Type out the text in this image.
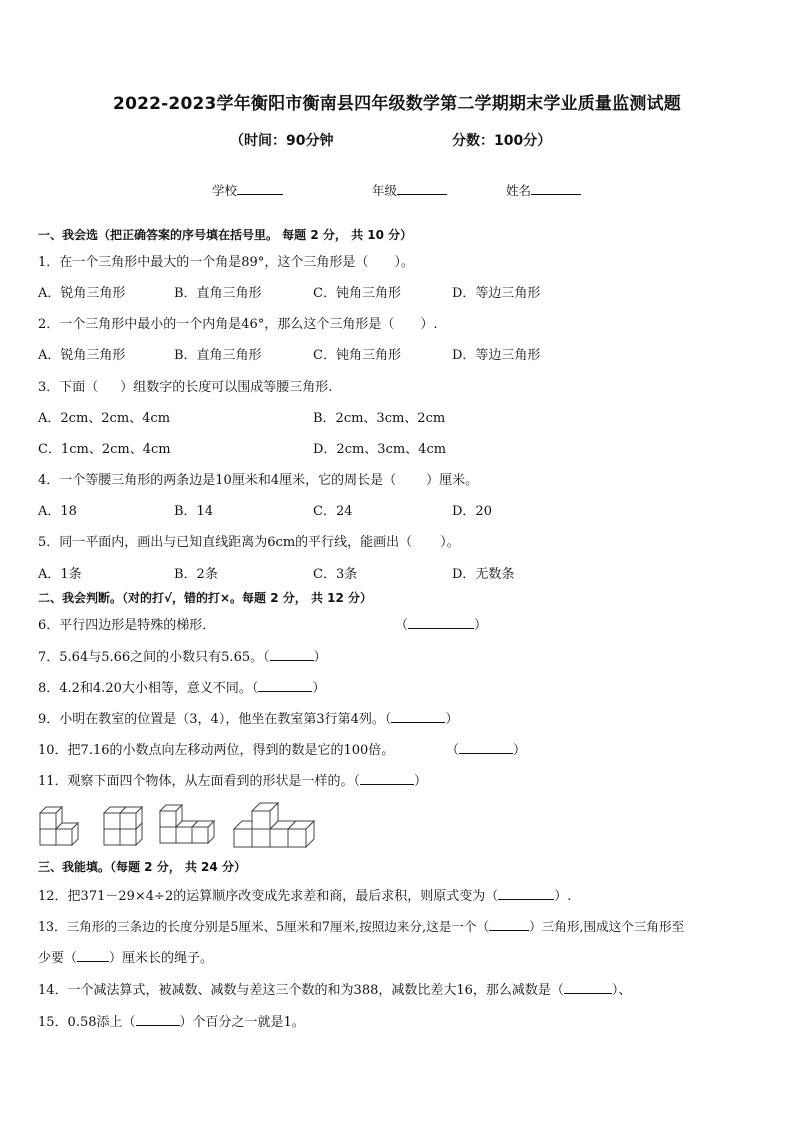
2022-2023学年衡阳市衡南县四年级数学第二学期期末学业质量监测试题
（时间：90分钟	分数：100分）
学校	年级	姓名
一、我会选（把正确答案的序号填在括号里。 每题 2 分， 共 10 分）
1．在一个三角形中最大的一个角是89°，这个三角形是（ ）。
A．锐角三角形	B．直角三角形	C．钝角三角形	D．等边三角形
2．一个三角形中最小的一个内角是46°，那么这个三角形是（ ）.
A．锐角三角形	B．直角三角形	C．钝角三角形	D．等边三角形
3．下面（ ）组数字的长度可以围成等腰三角形.
A．2cm、2cm、4cm	B．2cm、3cm、2cm
C．1cm、2cm、4cm	D．2cm、3cm、4cm
4．一个等腰三角形的两条边是10厘米和4厘米，它的周长是（ ）厘米。
A．18	B．14	C．24	D．20
5．同一平面内，画出与已知直线距离为6cm的平行线，能画出（ ）。
A．1条	B．2条	C．3条	D．无数条
二、我会判断。（对的打√，错的打×。每题 2 分， 共 12 分）
6．平行四边形是特殊的梯形．	（	）
7．5.64与5.66之间的小数只有5.65。（	）
8．4.2和4.20大小相等，意义不同。（	）
9．小明在教室的位置是（3，4），他坐在教室第3行第4列。（	）
10．把7.16的小数点向左移动两位，得到的数是它的100倍。	（	）
11．观察下面四个物体，从左面看到的形状是一样的。（	）
三、我能填。（每题 2 分， 共 24 分）
12．把371－29×4÷2的运算顺序改变成先求差和商，最后求积，则原式变为（	）.
13．三角形的三条边的长度分别是5厘米、5厘米和7厘米,按照边来分,这是一个（	）三角形,围成这个三角形至
少要（ ）厘米长的绳子。
14．一个减法算式，被减数、减数与差这三个数的和为388，减数比差大16，那么减数是（	）、
15．0.58添上（	）个百分之一就是1。
